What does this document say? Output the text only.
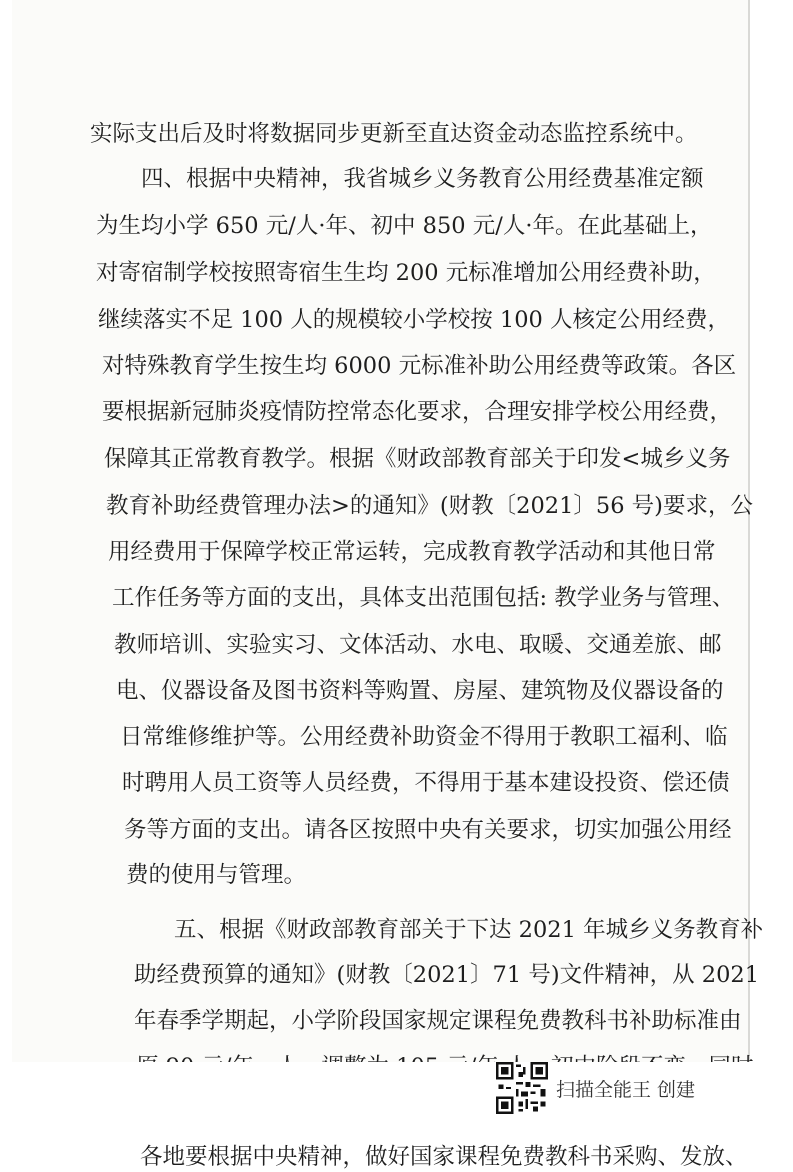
实际支出后及时将数据同步更新至直达资金动态监控系统中。

四、根据中央精神，我省城乡义务教育公用经费基准定额

为生均小学 650 元/人·年、初中 850 元/人·年。在此基础上，

对寄宿制学校按照寄宿生生均 200 元标准增加公用经费补助，

继续落实不足 100 人的规模较小学校按 100 人核定公用经费，

对特殊教育学生按生均 6000 元标准补助公用经费等政策。各区

要根据新冠肺炎疫情防控常态化要求，合理安排学校公用经费，

保障其正常教育教学。根据《财政部教育部关于印发<城乡义务

教育补助经费管理办法>的通知》(财教〔2021〕56 号)要求，公

用经费用于保障学校正常运转，完成教育教学活动和其他日常

工作任务等方面的支出，具体支出范围包括: 教学业务与管理、

教师培训、实验实习、文体活动、水电、取暖、交通差旅、邮

电、仪器设备及图书资料等购置、房屋、建筑物及仪器设备的

日常维修维护等。公用经费补助资金不得用于教职工福利、临

时聘用人员工资等人员经费，不得用于基本建设投资、偿还债

务等方面的支出。请各区按照中央有关要求，切实加强公用经

费的使用与管理。

五、根据《财政部教育部关于下达 2021 年城乡义务教育补

助经费预算的通知》(财教〔2021〕71 号)文件精神，从 2021

年春季学期起，小学阶段国家规定课程免费教科书补助标准由

各地要根据中央精神，做好国家课程免费教科书采购、发放、

扫描全能王 创建
